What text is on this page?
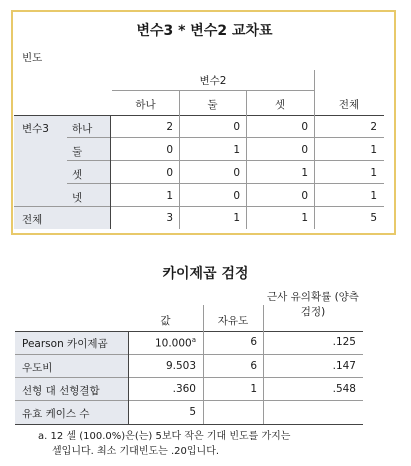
변수3 * 변수2 교차표
빈도
변수2
하나	둘	셋	전체
변수3 하나	2	0	0	2
둘	0	1	0	1
셋	0	0	1	1
넷	1	0	0	1
전체	3	1	1	5
카이제곱 검정
값	자유도
근사 유의확률 (양측검정)
Pearson 카이제곱	10.000$^a$	6	.125
우도비	9.503	6	.147
선형 대 선형결합	.360	1	.548
유효 케이스 수	5
a. 12 셀 (100.0%)은(는) 5보다 작은 기대 빈도를 가지는
셀입니다. 최소 기대빈도는 .20입니다.
